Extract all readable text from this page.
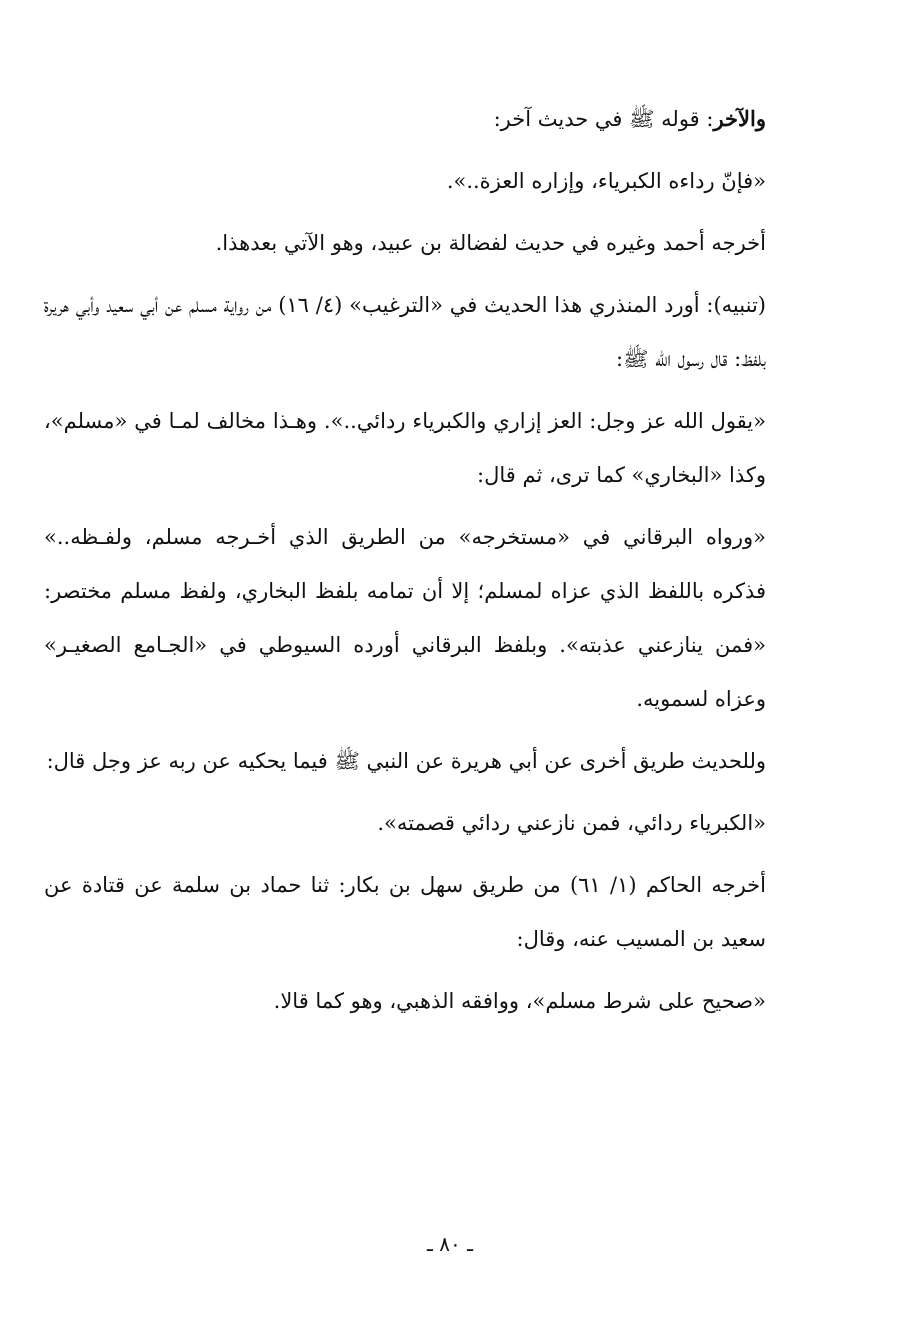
والآخر: قوله ﷺ في حديث آخر:

«فإنّ رداءه الكبرياء، وإزاره العزة..».

أخرجه أحمد وغيره في حديث لفضالة بن عبيد، وهو الآتي بعدهذا.

(تنبيه): أورد المنذري هذا الحديث في «الترغيب» (٤/ ١٦) من رواية مسلم عن أبي سعيد وأبي هريرة بلفظ: قال رسول الله ﷺ:

«يقول الله عز وجل: العز إزاري والكبرياء ردائي..». وهـذا مخالف لمـا في «مسلم»، وكذا «البخاري» كما ترى، ثم قال:

«ورواه البرقاني في «مستخرجه» من الطريق الذي أخـرجه مسلم، ولفـظه..» فذكره باللفظ الذي عزاه لمسلم؛ إلا أن تمامه بلفظ البخاري، ولفظ مسلم مختصر: «فمن ينازعني عذبته». وبلفظ البرقاني أورده السيوطي في «الجـامع الصغيـر» وعزاه لسمويه.

وللحديث طريق أخرى عن أبي هريرة عن النبي ﷺ فيما يحكيه عن ربه عز وجل قال:

«الكبرياء ردائي، فمن نازعني ردائي قصمته».

أخرجه الحاكم (١/ ٦١) من طريق سهل بن بكار: ثنا حماد بن سلمة عن قتادة عن سعيد بن المسيب عنه، وقال:

«صحيح على شرط مسلم»، ووافقه الذهبي، وهو كما قالا.

ـ ٨٠ ـ
